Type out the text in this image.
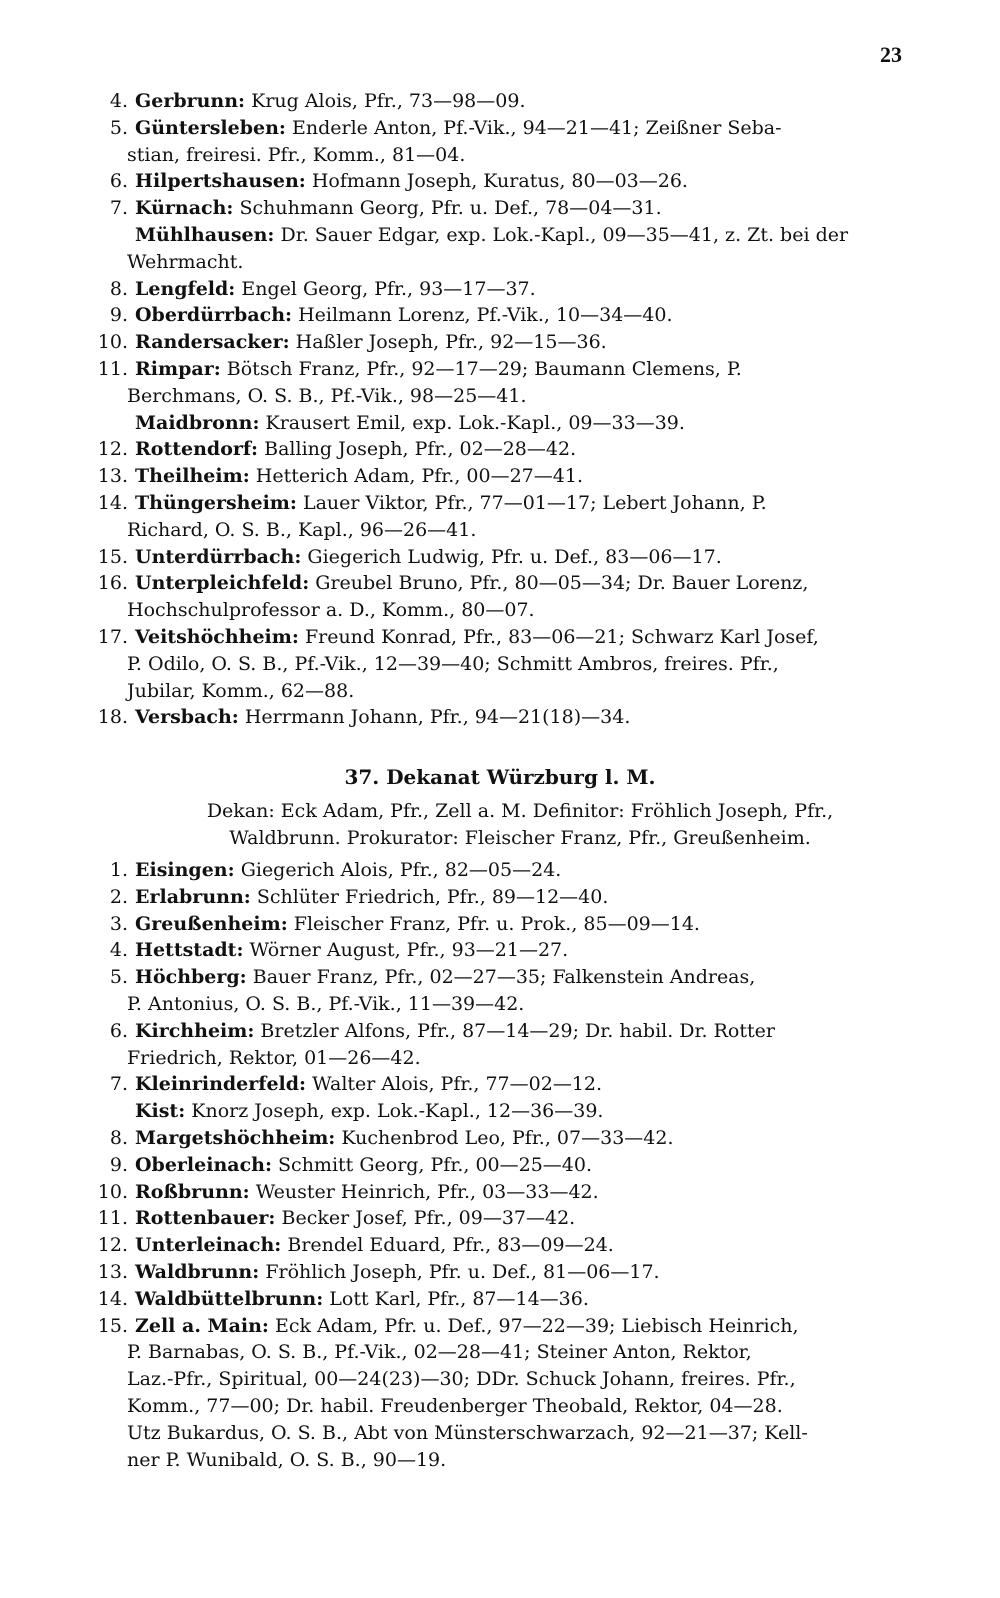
23
4. Gerbrunn: Krug Alois, Pfr., 73—98—09.
5. Güntersleben: Enderle Anton, Pf.-Vik., 94—21—41; Zeißner Seba-
stian, freiresi. Pfr., Komm., 81—04.
6. Hilpertshausen: Hofmann Joseph, Kuratus, 80—03—26.
7. Kürnach: Schuhmann Georg, Pfr. u. Def., 78—04—31.
Mühlhausen: Dr. Sauer Edgar, exp. Lok.-Kapl., 09—35—41, z. Zt. bei der
Wehrmacht.
8. Lengfeld: Engel Georg, Pfr., 93—17—37.
9. Oberdürrbach: Heilmann Lorenz, Pf.-Vik., 10—34—40.
10. Randersacker: Haßler Joseph, Pfr., 92—15—36.
11. Rimpar: Bötsch Franz, Pfr., 92—17—29; Baumann Clemens, P.
Berchmans, O. S. B., Pf.-Vik., 98—25—41.
Maidbronn: Krausert Emil, exp. Lok.-Kapl., 09—33—39.
12. Rottendorf: Balling Joseph, Pfr., 02—28—42.
13. Theilheim: Hetterich Adam, Pfr., 00—27—41.
14. Thüngersheim: Lauer Viktor, Pfr., 77—01—17; Lebert Johann, P.
Richard, O. S. B., Kapl., 96—26—41.
15. Unterdürrbach: Giegerich Ludwig, Pfr. u. Def., 83—06—17.
16. Unterpleichfeld: Greubel Bruno, Pfr., 80—05—34; Dr. Bauer Lorenz,
Hochschulprofessor a. D., Komm., 80—07.
17. Veitshöchheim: Freund Konrad, Pfr., 83—06—21; Schwarz Karl Josef,
P. Odilo, O. S. B., Pf.-Vik., 12—39—40; Schmitt Ambros, freires. Pfr.,
Jubilar, Komm., 62—88.
18. Versbach: Herrmann Johann, Pfr., 94—21(18)—34.
37. Dekanat Würzburg l. M.
Dekan: Eck Adam, Pfr., Zell a. M. Definitor: Fröhlich Joseph, Pfr.,
Waldbrunn. Prokurator: Fleischer Franz, Pfr., Greußenheim.
1. Eisingen: Giegerich Alois, Pfr., 82—05—24.
2. Erlabrunn: Schlüter Friedrich, Pfr., 89—12—40.
3. Greußenheim: Fleischer Franz, Pfr. u. Prok., 85—09—14.
4. Hettstadt: Wörner August, Pfr., 93—21—27.
5. Höchberg: Bauer Franz, Pfr., 02—27—35; Falkenstein Andreas,
P. Antonius, O. S. B., Pf.-Vik., 11—39—42.
6. Kirchheim: Bretzler Alfons, Pfr., 87—14—29; Dr. habil. Dr. Rotter
Friedrich, Rektor, 01—26—42.
7. Kleinrinderfeld: Walter Alois, Pfr., 77—02—12.
Kist: Knorz Joseph, exp. Lok.-Kapl., 12—36—39.
8. Margetshöchheim: Kuchenbrod Leo, Pfr., 07—33—42.
9. Oberleinach: Schmitt Georg, Pfr., 00—25—40.
10. Roßbrunn: Weuster Heinrich, Pfr., 03—33—42.
11. Rottenbauer: Becker Josef, Pfr., 09—37—42.
12. Unterleinach: Brendel Eduard, Pfr., 83—09—24.
13. Waldbrunn: Fröhlich Joseph, Pfr. u. Def., 81—06—17.
14. Waldbüttelbrunn: Lott Karl, Pfr., 87—14—36.
15. Zell a. Main: Eck Adam, Pfr. u. Def., 97—22—39; Liebisch Heinrich,
P. Barnabas, O. S. B., Pf.-Vik., 02—28—41; Steiner Anton, Rektor,
Laz.-Pfr., Spiritual, 00—24(23)—30; DDr. Schuck Johann, freires. Pfr.,
Komm., 77—00; Dr. habil. Freudenberger Theobald, Rektor, 04—28.
Utz Bukardus, O. S. B., Abt von Münsterschwarzach, 92—21—37; Kell-
ner P. Wunibald, O. S. B., 90—19.
